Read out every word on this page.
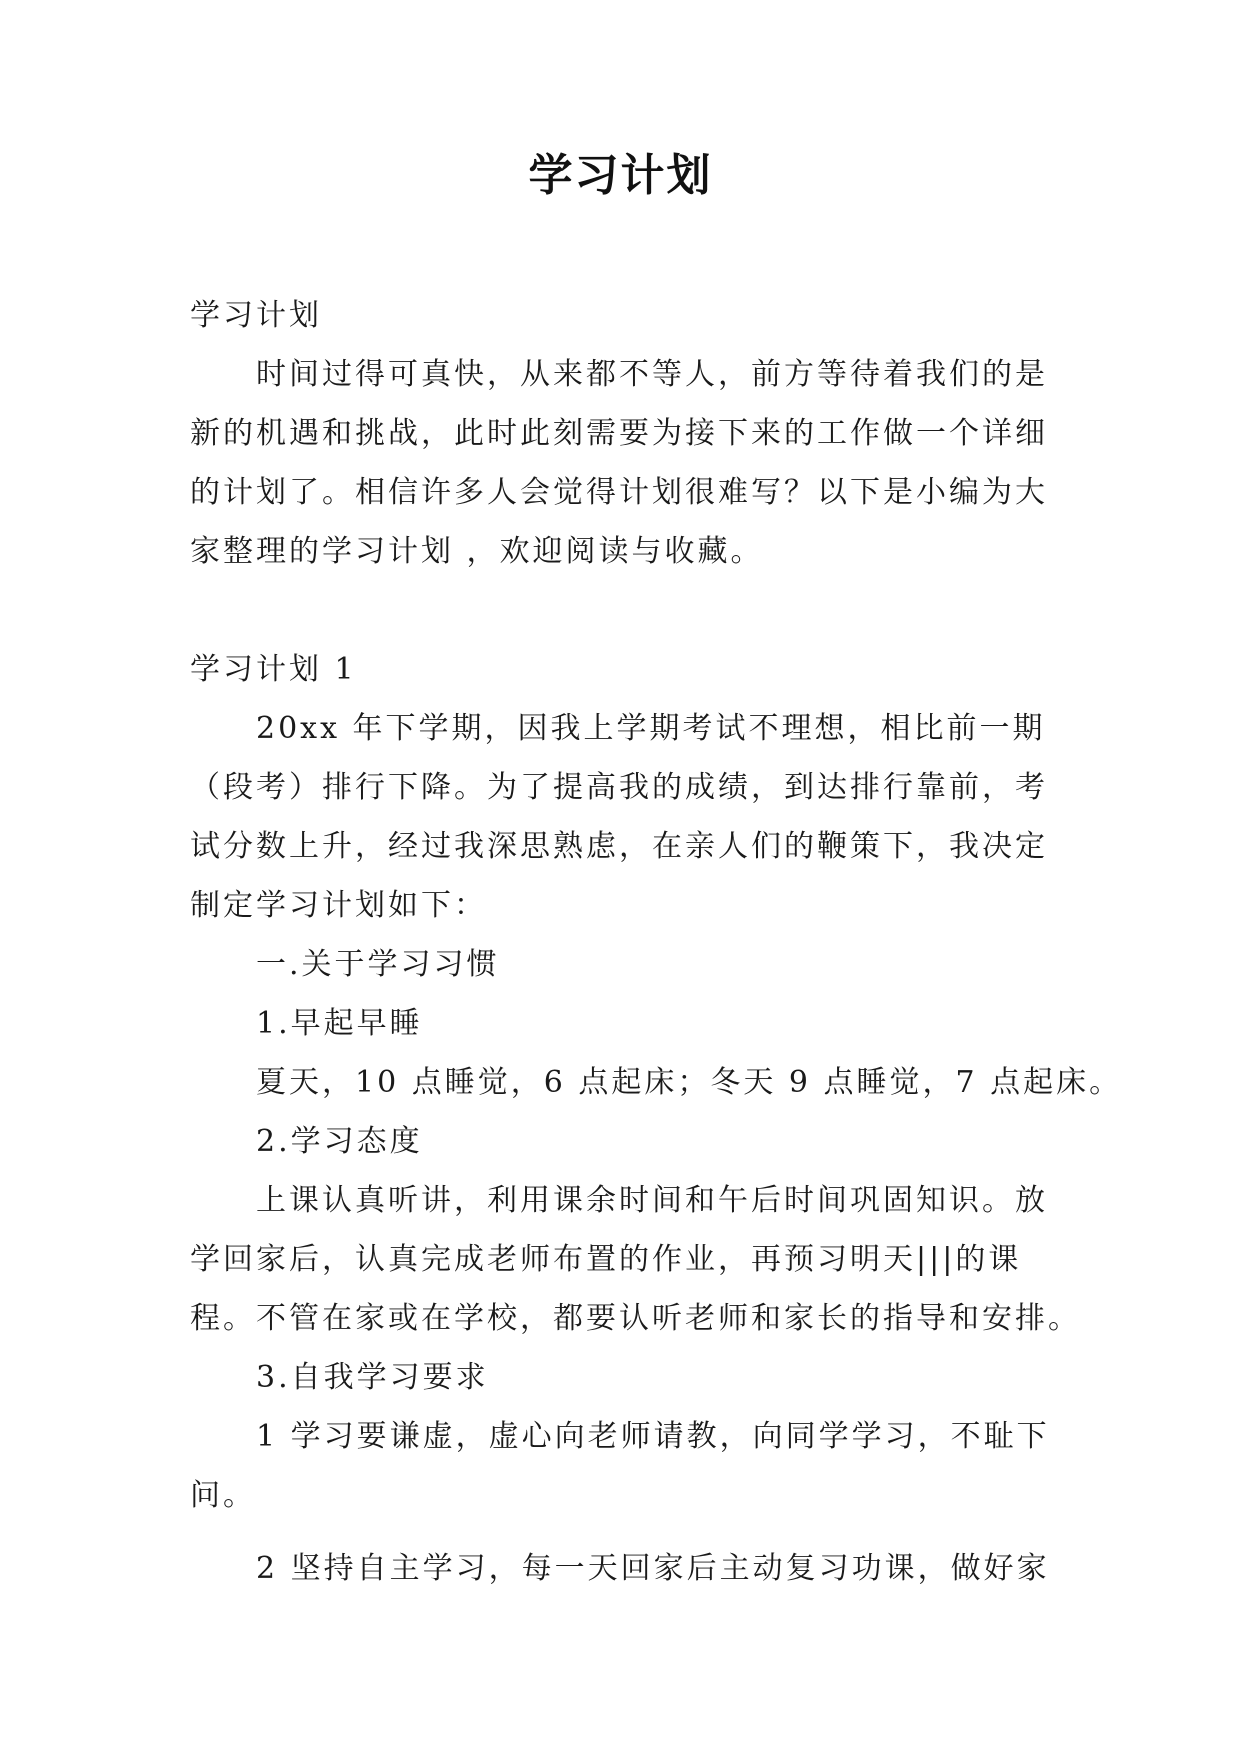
学习计划

学习计划

时间过得可真快，从来都不等人，前方等待着我们的是

新的机遇和挑战，此时此刻需要为接下来的工作做一个详细

的计划了。相信许多人会觉得计划很难写？以下是小编为大

家整理的学习计划 ，欢迎阅读与收藏。

学习计划 1

20xx 年下学期，因我上学期考试不理想，相比前一期

（段考）排行下降。为了提高我的成绩，到达排行靠前，考

试分数上升，经过我深思熟虑，在亲人们的鞭策下，我决定

制定学习计划如下：

一.关于学习习惯

1.早起早睡

夏天，10 点睡觉，6 点起床；冬天 9 点睡觉，7 点起床。

2.学习态度

上课认真听讲，利用课余时间和午后时间巩固知识。放

学回家后，认真完成老师布置的作业，再预习明天|||的课

程。不管在家或在学校，都要认听老师和家长的指导和安排。

3.自我学习要求

1 学习要谦虚，虚心向老师请教，向同学学习，不耻下

问。

2 坚持自主学习，每一天回家后主动复习功课，做好家
